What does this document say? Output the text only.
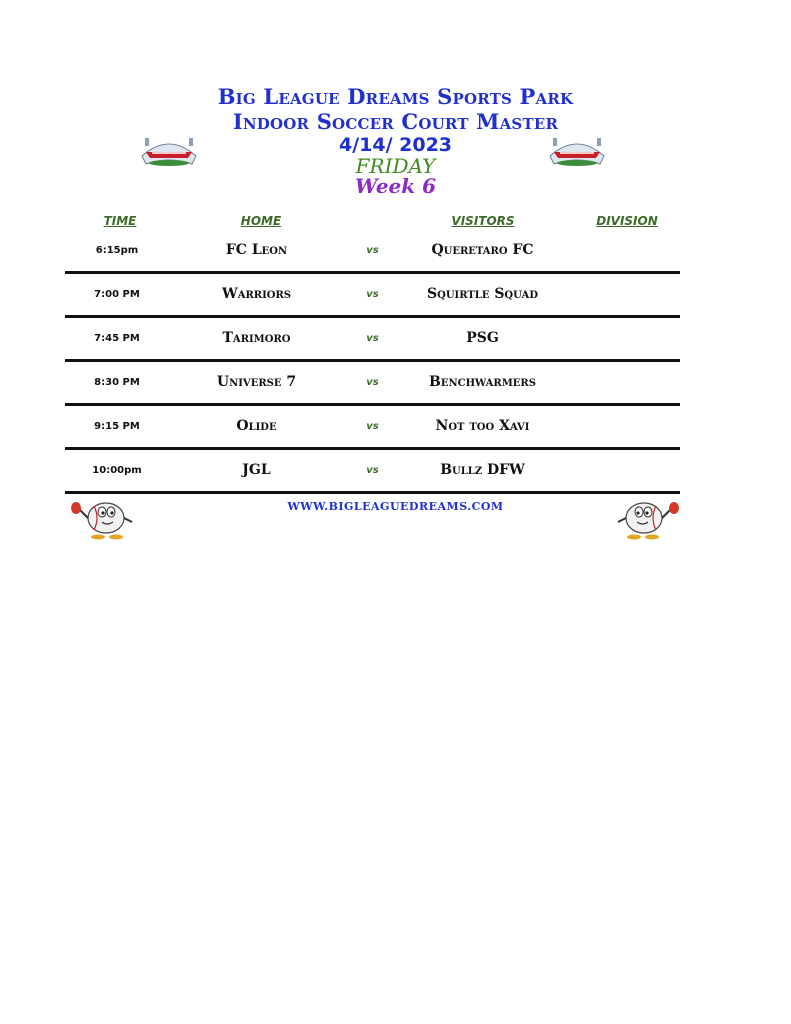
Big League Dreams Sports Park
Indoor Soccer Court Master
4/14/ 2023
FRIDAY
Week 6
TIME	HOME	VISITORS	DIVISION
6:15pm	FC Leon	vs	Queretaro FC
7:00 PM	Warriors	vs	Squirtle Squad
7:45 PM	Tarimoro	vs	PSG
8:30 PM	Universe 7	vs	Benchwarmers
9:15 PM	Olide	vs	Not too Xavi
10:00pm	JGL	vs	Bullz DFW
WWW.BIGLEAGUEDREAMS.COM
